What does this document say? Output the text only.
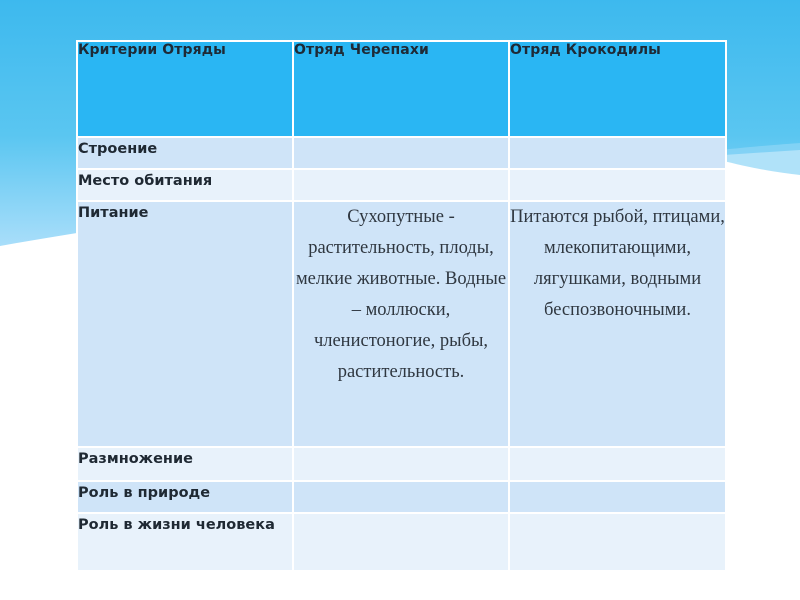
Критерии Отряды	Отряд Черепахи	Отряд Крокодилы
Строение		
Место обитания		
Питание	Сухопутные - растительность, плоды, мелкие животные. Водные – моллюски, членистоногие, рыбы, растительность.	Питаются рыбой, птицами, млекопитающими, лягушками, водными беспозвоночными.
Размножение		
Роль в природе		
Роль в жизни человека		
